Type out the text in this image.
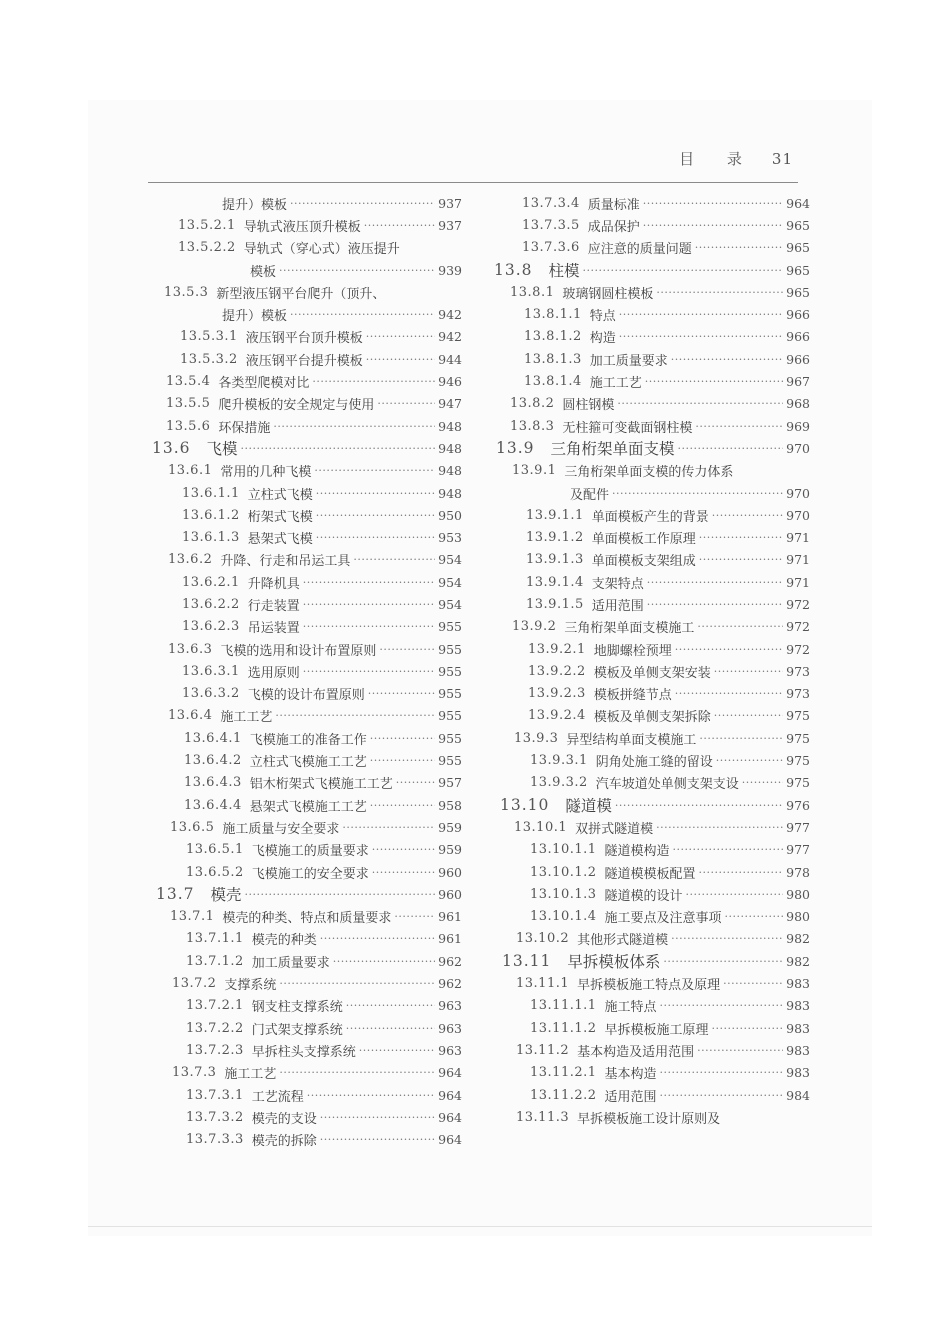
目 录 31
提升）模板 ·····	937
13.5.2.1 导轨式液压顶升模板 ·····	937
13.5.2.2 导轨式（穿心式）液压提升
模板 ·····	939
13.5.3 新型液压钢平台爬升（顶升、
提升）模板 ·····	942
13.5.3.1 液压钢平台顶升模板 ·····	942
13.5.3.2 液压钢平台提升模板 ·····	944
13.5.4 各类型爬模对比 ·····	946
13.5.5 爬升模板的安全规定与使用 ·····	947
13.5.6 环保措施 ·····	948
13.6 飞模 ·····	948
13.6.1 常用的几种飞模 ·····	948
13.6.1.1 立柱式飞模 ·····	948
13.6.1.2 桁架式飞模 ·····	950
13.6.1.3 悬架式飞模 ·····	953
13.6.2 升降、行走和吊运工具 ·····	954
13.6.2.1 升降机具 ·····	954
13.6.2.2 行走装置 ·····	954
13.6.2.3 吊运装置 ·····	955
13.6.3 飞模的选用和设计布置原则 ·····	955
13.6.3.1 选用原则 ·····	955
13.6.3.2 飞模的设计布置原则 ·····	955
13.6.4 施工工艺 ·····	955
13.6.4.1 飞模施工的准备工作 ·····	955
13.6.4.2 立柱式飞模施工工艺 ·····	955
13.6.4.3 铝木桁架式飞模施工工艺 ·····	957
13.6.4.4 悬架式飞模施工工艺 ·····	958
13.6.5 施工质量与安全要求 ·····	959
13.6.5.1 飞模施工的质量要求 ·····	959
13.6.5.2 飞模施工的安全要求 ·····	960
13.7 模壳 ·····	960
13.7.1 模壳的种类、特点和质量要求 ·····	961
13.7.1.1 模壳的种类 ·····	961
13.7.1.2 加工质量要求 ·····	962
13.7.2 支撑系统 ·····	962
13.7.2.1 钢支柱支撑系统 ·····	963
13.7.2.2 门式架支撑系统 ·····	963
13.7.2.3 早拆柱头支撑系统 ·····	963
13.7.3 施工工艺 ·····	964
13.7.3.1 工艺流程 ·····	964
13.7.3.2 模壳的支设 ·····	964
13.7.3.3 模壳的拆除 ·····	964
13.7.3.4 质量标准 ·····	964
13.7.3.5 成品保护 ·····	965
13.7.3.6 应注意的质量问题 ·····	965
13.8 柱模 ·····	965
13.8.1 玻璃钢圆柱模板 ·····	965
13.8.1.1 特点 ·····	966
13.8.1.2 构造 ·····	966
13.8.1.3 加工质量要求 ·····	966
13.8.1.4 施工工艺 ·····	967
13.8.2 圆柱钢模 ·····	968
13.8.3 无柱箍可变截面钢柱模 ·····	969
13.9 三角桁架单面支模 ·····	970
13.9.1 三角桁架单面支模的传力体系
及配件 ·····	970
13.9.1.1 单面模板产生的背景 ·····	970
13.9.1.2 单面模板工作原理 ·····	971
13.9.1.3 单面模板支架组成 ·····	971
13.9.1.4 支架特点 ·····	971
13.9.1.5 适用范围 ·····	972
13.9.2 三角桁架单面支模施工 ·····	972
13.9.2.1 地脚螺栓预埋 ·····	972
13.9.2.2 模板及单侧支架安装 ·····	973
13.9.2.3 模板拼缝节点 ·····	973
13.9.2.4 模板及单侧支架拆除 ·····	975
13.9.3 异型结构单面支模施工 ·····	975
13.9.3.1 阴角处施工缝的留设 ·····	975
13.9.3.2 汽车坡道处单侧支架支设 ·····	975
13.10 隧道模 ·····	976
13.10.1 双拼式隧道模 ·····	977
13.10.1.1 隧道模构造 ·····	977
13.10.1.2 隧道模模板配置 ·····	978
13.10.1.3 隧道模的设计 ·····	980
13.10.1.4 施工要点及注意事项 ·····	980
13.10.2 其他形式隧道模 ·····	982
13.11 早拆模板体系 ·····	982
13.11.1 早拆模板施工特点及原理 ·····	983
13.11.1.1 施工特点 ·····	983
13.11.1.2 早拆模板施工原理 ·····	983
13.11.2 基本构造及适用范围 ·····	983
13.11.2.1 基本构造 ·····	983
13.11.2.2 适用范围 ·····	984
13.11.3 早拆模板施工设计原则及
